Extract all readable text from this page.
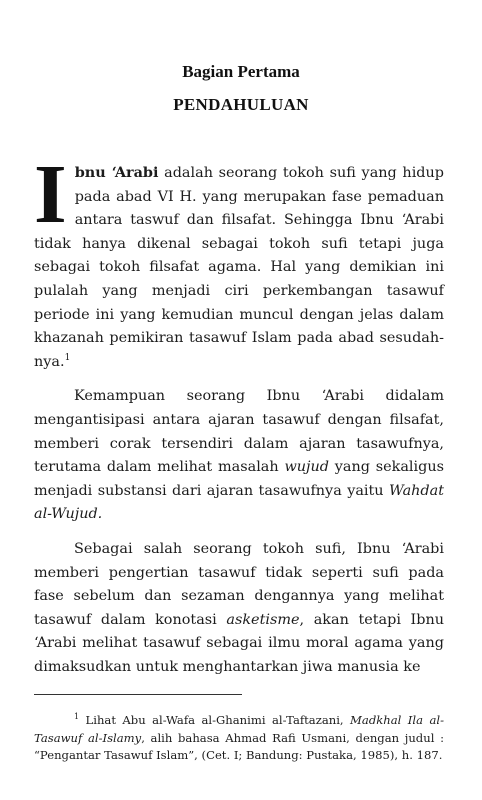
Bagian Pertama
PENDAHULUAN

Ibnu ‘Arabi adalah seorang tokoh sufi yang hidup pada abad VI H. yang merupakan fase pemaduan antara taswuf dan filsafat. Sehingga Ibnu ‘Arabi tidak hanya dikenal sebagai tokoh sufi tetapi juga sebagai tokoh filsafat agama. Hal yang demikian ini pulalah yang menjadi ciri perkembangan tasawuf periode ini yang kemudian muncul dengan jelas dalam khazanah pemikiran tasawuf Islam pada abad sesudah-nya.$^1$

Kemampuan seorang Ibnu ‘Arabi didalam mengantisipasi antara ajaran tasawuf dengan filsafat, memberi corak tersendiri dalam ajaran tasawufnya, terutama dalam melihat masalah wujud yang sekaligus menjadi substansi dari ajaran tasawufnya yaitu Wahdat al-Wujud.

Sebagai salah seorang tokoh sufi, Ibnu ‘Arabi memberi pengertian tasawuf tidak seperti sufi pada fase sebelum dan sezaman dengannya yang melihat tasawuf dalam konotasi asketisme, akan tetapi Ibnu ‘Arabi melihat tasawuf sebagai ilmu moral agama yang dimaksudkan untuk menghantarkan jiwa manusia ke

$^1$ Lihat Abu al-Wafa al-Ghanimi al-Taftazani, Madkhal Ila al-Tasawuf al-Islamy, alih bahasa Ahmad Rafi Usmani, dengan judul : “Pengantar Tasawuf Islam”, (Cet. I; Bandung: Pustaka, 1985), h. 187.
